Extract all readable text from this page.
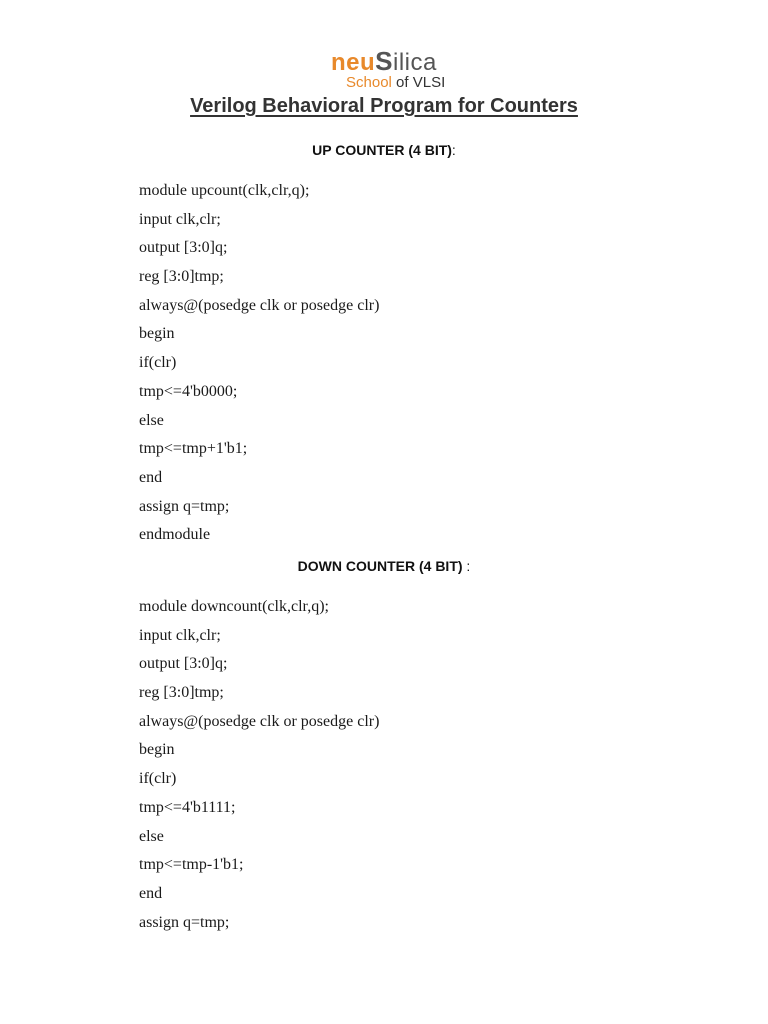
neuSilica
School of VLSI
Verilog Behavioral Program for Counters
UP COUNTER (4 BIT):
module upcount(clk,clr,q);
input clk,clr;
output [3:0]q;
reg [3:0]tmp;
always@(posedge clk or posedge clr)
begin
if(clr)
tmp<=4'b0000;
else
tmp<=tmp+1'b1;
end
assign q=tmp;
endmodule
DOWN COUNTER (4 BIT) :
module downcount(clk,clr,q);
input clk,clr;
output [3:0]q;
reg [3:0]tmp;
always@(posedge clk or posedge clr)
begin
if(clr)
tmp<=4'b1111;
else
tmp<=tmp-1'b1;
end
assign q=tmp;
